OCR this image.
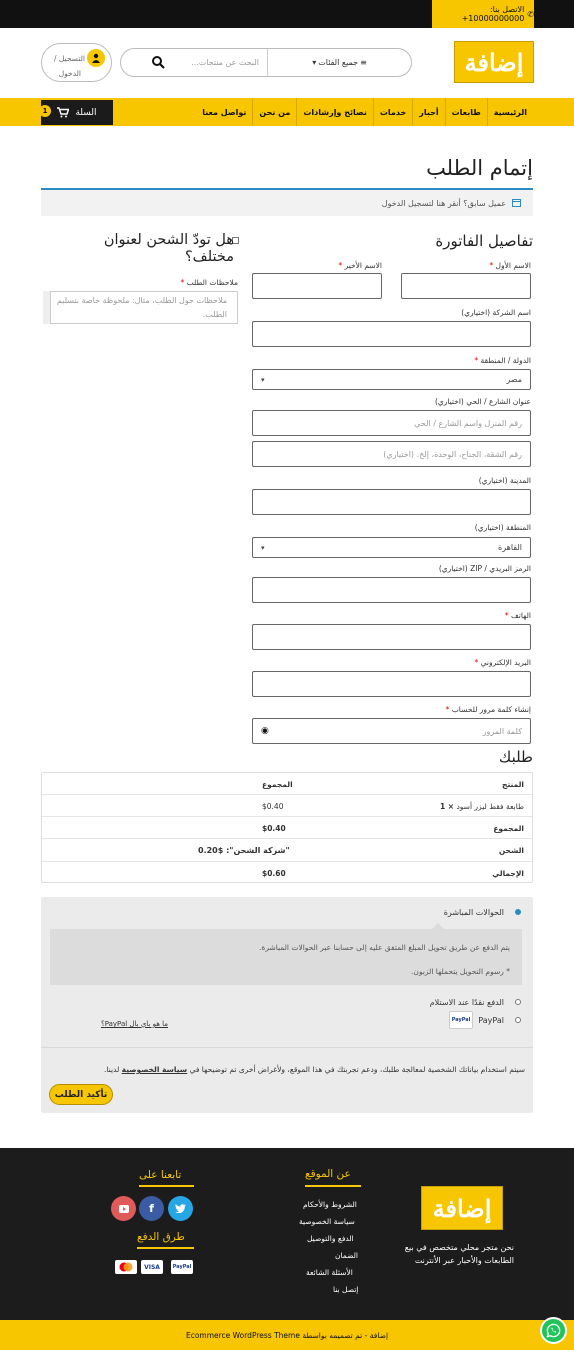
✆
الاتصل بنا: 10000000000+
إضافة
≡
جميع الفئات
▾
البحث عن منتجات...
التسجيل /
الدخول
الرئيسية
طابعات
أحبار
خدمات
نصائح وإرشادات
من نحن
تواصل معنا
السلة
1
إتمام الطلب
عميل سابق؟ أنقر هنا لتسجيل الدخول
تفاصيل الفاتورة
الاسم الأول *
الاسم الأخير *
اسم الشركة (اختياري)
الدولة / المنطقة *
مصر
▾
عنوان الشارع / الحي (اختياري)
رقم المنزل واسم الشارع / الحي
رقم الشقة، الجناح، الوحدة، إلخ. (اختياري)
المدينة (اختياري)
المنطقة (اختياري)
القاهرة
▾
الرمز البريدي / ZIP (اختياري)
الهاتف *
البريد الإلكتروني *
إنشاء كلمة مرور للحساب *
كلمة المرور
◉
هل تودّ الشحن لعنوان مختلف؟
ملاحظات الطلب *
ملاحظات حول الطلب، مثال: ملحوظة خاصة بتسليم الطلب.
طلبك
المنتج
المجموع
طابعة فقط ليزر أسود

× 1
$0.40
المجموع
$0.40
الشحن
"شركة الشحن": $0.20
الإجمالي
$0.60
الحوالات المباشرة
يتم الدفع عن طريق تحويل المبلغ المتفق عليه إلى حسابنا عبر الحوالات المباشرة.
* رسوم التحويل يتحملها الزبون.
الدفع نقدًا عند الاستلام
PayPal
PayPal
ما هو باي بال PayPal؟
سيتم استخدام بياناتك الشخصية لمعالجة طلبك، ودعم تجربتك في هذا الموقع، ولأغراض أخرى تم توضيحها في سياسة الخصوصية لدينا.
تأكيد الطلب
إضافة
نحن متجر محلي متخصص في بيع الطابعات والأحبار عبر الأنترنت
عن الموقع
الشروط والأحكام
سياسة الخصوصية
الدفع والتوصيل
الضمان
الأسئلة الشائعة
إتصل بنا
تابعنا على
f
طرق الدفع
PayPal
VISA
إضافة - تم تصميمه بواسطة Ecommerce WordPress Theme
